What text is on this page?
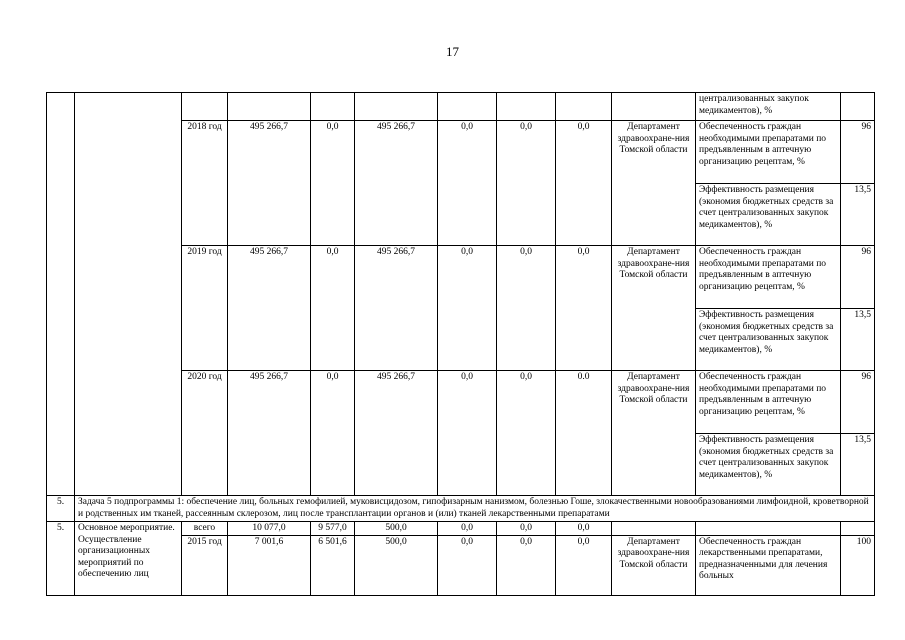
17
										централизованных закупок медикаментов), %	
		2018 год	495 266,7	0,0	495 266,7	0,0	0,0	0,0	Департамент здравоохране-ния Томской области	Обеспеченность граждан необходимыми препаратами по предъявленным в аптечную организацию рецептам, %	96
										Эффективность размещения (экономия бюджетных средств за счет централизованных закупок медикаментов), %	13,5
		2019 год	495 266,7	0,0	495 266,7	0,0	0,0	0,0	Департамент здравоохране-ния Томской области	Обеспеченность граждан необходимыми препаратами по предъявленным в аптечную организацию рецептам, %	96
										Эффективность размещения (экономия бюджетных средств за счет централизованных закупок медикаментов), %	13,5
		2020 год	495 266,7	0,0	495 266,7	0,0	0,0	0.0	Департамент здравоохране-ния Томской области	Обеспеченность граждан необходимыми препаратами по предъявленным в аптечную организацию рецептам, %	96
										Эффективность размещения (экономия бюджетных средств за счет централизованных закупок медикаментов), %	13,5
5.	Задача 5 подпрограммы 1: обеспечение лиц, больных гемофилией, муковисцидозом, гипофизарным нанизмом, болезнью Гоше, злокачественными новообразованиями лимфоидной, кроветворной и родственных им тканей, рассеянным склерозом, лиц после трансплантации органов и (или) тканей лекарственными препаратами										
5.	Основное мероприятие. Осуществление организационных мероприятий по обеспечению лиц	всего	10 077,0	9 577,0	500,0	0,0	0,0	0,0			
		2015 год	7 001,6	6 501,6	500,0	0,0	0,0	0,0	Департамент здравоохране-ния Томской области	Обеспеченность граждан лекарственными препаратами, предназначенными для лечения больных	100
